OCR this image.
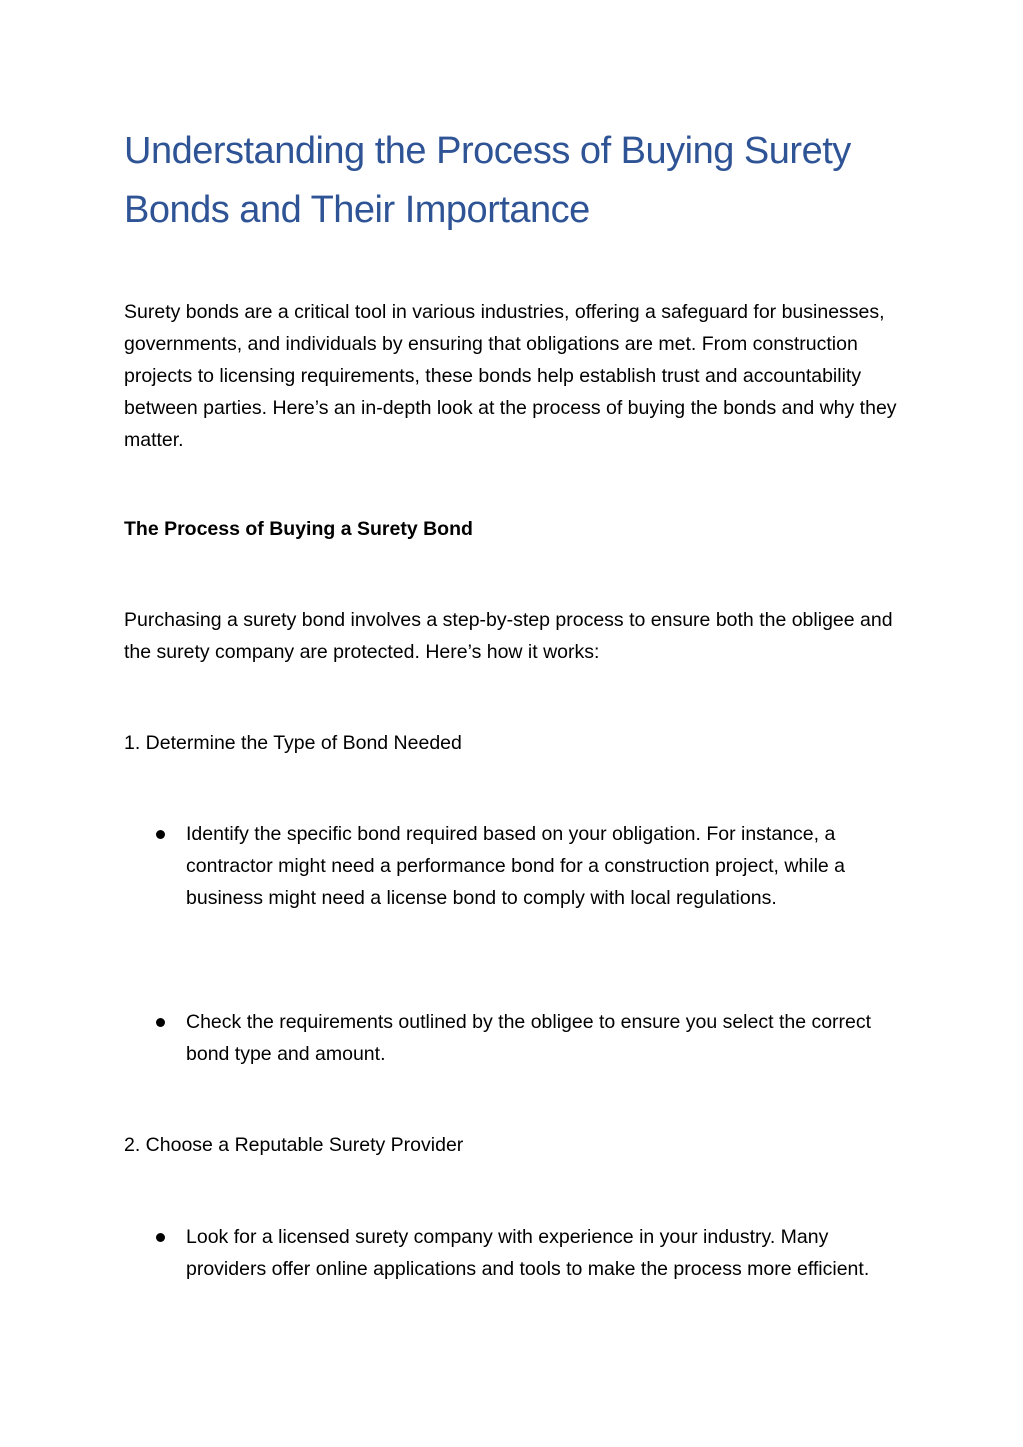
Understanding the Process of Buying Surety Bonds and Their Importance

Surety bonds are a critical tool in various industries, offering a safeguard for businesses, governments, and individuals by ensuring that obligations are met. From construction projects to licensing requirements, these bonds help establish trust and accountability between parties. Here’s an in-depth look at the process of buying the bonds and why they matter.

The Process of Buying a Surety Bond

Purchasing a surety bond involves a step-by-step process to ensure both the obligee and the surety company are protected. Here’s how it works:

1. Determine the Type of Bond Needed

Identify the specific bond required based on your obligation. For instance, a contractor might need a performance bond for a construction project, while a business might need a license bond to comply with local regulations.
Check the requirements outlined by the obligee to ensure you select the correct bond type and amount.

2. Choose a Reputable Surety Provider

Look for a licensed surety company with experience in your industry. Many providers offer online applications and tools to make the process more efficient.
